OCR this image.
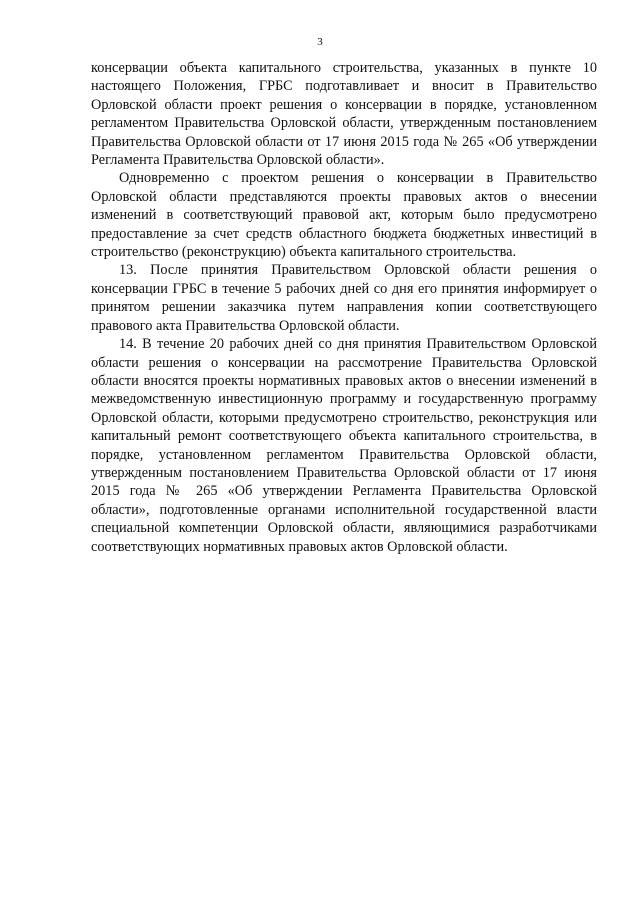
3

консервации объекта капитального строительства, указанных в пункте 10 настоящего Положения, ГРБС подготавливает и вносит в Правительство Орловской области проект решения о консервации в порядке, установленном регламентом Правительства Орловской области, утвержденным постановлением Правительства Орловской области от 17 июня 2015 года № 265 «Об утверждении Регламента Правительства Орловской области».

Одновременно с проектом решения о консервации в Правительство Орловской области представляются проекты правовых актов о внесении изменений в соответствующий правовой акт, которым было предусмотрено предоставление за счет средств областного бюджета бюджетных инвестиций в строительство (реконструкцию) объекта капитального строительства.

13. После принятия Правительством Орловской области решения о консервации ГРБС в течение 5 рабочих дней со дня его принятия информирует о принятом решении заказчика путем направления копии соответствующего правового акта Правительства Орловской области.

14. В течение 20 рабочих дней со дня принятия Правительством Орловской области решения о консервации на рассмотрение Правительства Орловской области вносятся проекты нормативных правовых актов о внесении изменений в межведомственную инвестиционную программу и государственную программу Орловской области, которыми предусмотрено строительство, реконструкция или капитальный ремонт соответствующего объекта капитального строительства, в порядке, установленном регламентом Правительства Орловской области, утвержденным постановлением Правительства Орловской области от 17 июня 2015 года № 265 «Об утверждении Регламента Правительства Орловской области», подготовленные органами исполнительной государственной власти специальной компетенции Орловской области, являющимися разработчиками соответствующих нормативных правовых актов Орловской области.
